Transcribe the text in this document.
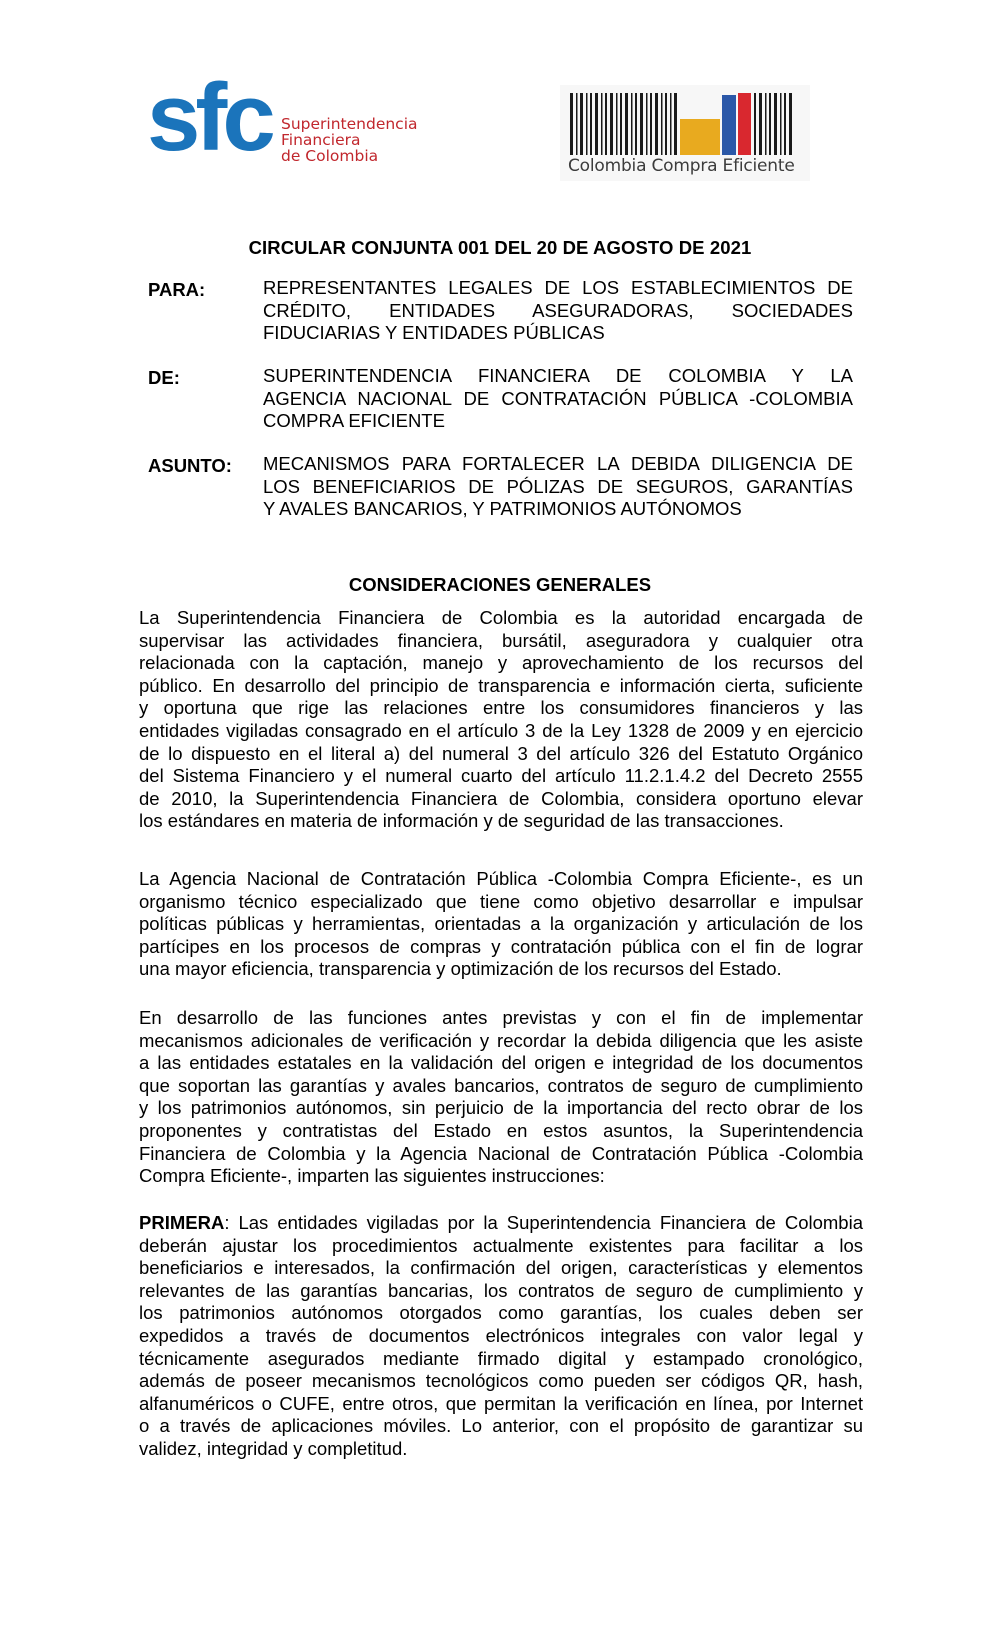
sfc Superintendencia
Financiera
de Colombia	Colombia Compra Eficiente
CIRCULAR CONJUNTA 001 DEL 20 DE AGOSTO DE 2021
PARA:	REPRESENTANTES LEGALES DE LOS ESTABLECIMIENTOS DE
CRÉDITO, ENTIDADES ASEGURADORAS, SOCIEDADES
FIDUCIARIAS Y ENTIDADES PÚBLICAS
DE:	SUPERINTENDENCIA FINANCIERA DE COLOMBIA Y LA
AGENCIA NACIONAL DE CONTRATACIÓN PÚBLICA -COLOMBIA
COMPRA EFICIENTE
ASUNTO: MECANISMOS PARA FORTALECER LA DEBIDA DILIGENCIA DE
LOS BENEFICIARIOS DE PÓLIZAS DE SEGUROS, GARANTÍAS
Y AVALES BANCARIOS, Y PATRIMONIOS AUTÓNOMOS
CONSIDERACIONES GENERALES
La Superintendencia Financiera de Colombia es la autoridad encargada de
supervisar las actividades financiera, bursátil, aseguradora y cualquier otra
relacionada con la captación, manejo y aprovechamiento de los recursos del
público. En desarrollo del principio de transparencia e información cierta, suficiente
y oportuna que rige las relaciones entre los consumidores financieros y las
entidades vigiladas consagrado en el artículo 3 de la Ley 1328 de 2009 y en ejercicio
de lo dispuesto en el literal a) del numeral 3 del artículo 326 del Estatuto Orgánico
del Sistema Financiero y el numeral cuarto del artículo 11.2.1.4.2 del Decreto 2555
de 2010, la Superintendencia Financiera de Colombia, considera oportuno elevar
los estándares en materia de información y de seguridad de las transacciones.
La Agencia Nacional de Contratación Pública -Colombia Compra Eficiente-, es un
organismo técnico especializado que tiene como objetivo desarrollar e impulsar
políticas públicas y herramientas, orientadas a la organización y articulación de los
partícipes en los procesos de compras y contratación pública con el fin de lograr
una mayor eficiencia, transparencia y optimización de los recursos del Estado.
En desarrollo de las funciones antes previstas y con el fin de implementar
mecanismos adicionales de verificación y recordar la debida diligencia que les asiste
a las entidades estatales en la validación del origen e integridad de los documentos
que soportan las garantías y avales bancarios, contratos de seguro de cumplimiento
y los patrimonios autónomos, sin perjuicio de la importancia del recto obrar de los
proponentes y contratistas del Estado en estos asuntos, la Superintendencia
Financiera de Colombia y la Agencia Nacional de Contratación Pública -Colombia
Compra Eficiente-, imparten las siguientes instrucciones:
PRIMERA: Las entidades vigiladas por la Superintendencia Financiera de Colombia
deberán ajustar los procedimientos actualmente existentes para facilitar a los
beneficiarios e interesados, la confirmación del origen, características y elementos
relevantes de las garantías bancarias, los contratos de seguro de cumplimiento y
los patrimonios autónomos otorgados como garantías, los cuales deben ser
expedidos a través de documentos electrónicos integrales con valor legal y
técnicamente asegurados mediante firmado digital y estampado cronológico,
además de poseer mecanismos tecnológicos como pueden ser códigos QR, hash,
alfanuméricos o CUFE, entre otros, que permitan la verificación en línea, por Internet
o a través de aplicaciones móviles. Lo anterior, con el propósito de garantizar su
validez, integridad y completitud.
